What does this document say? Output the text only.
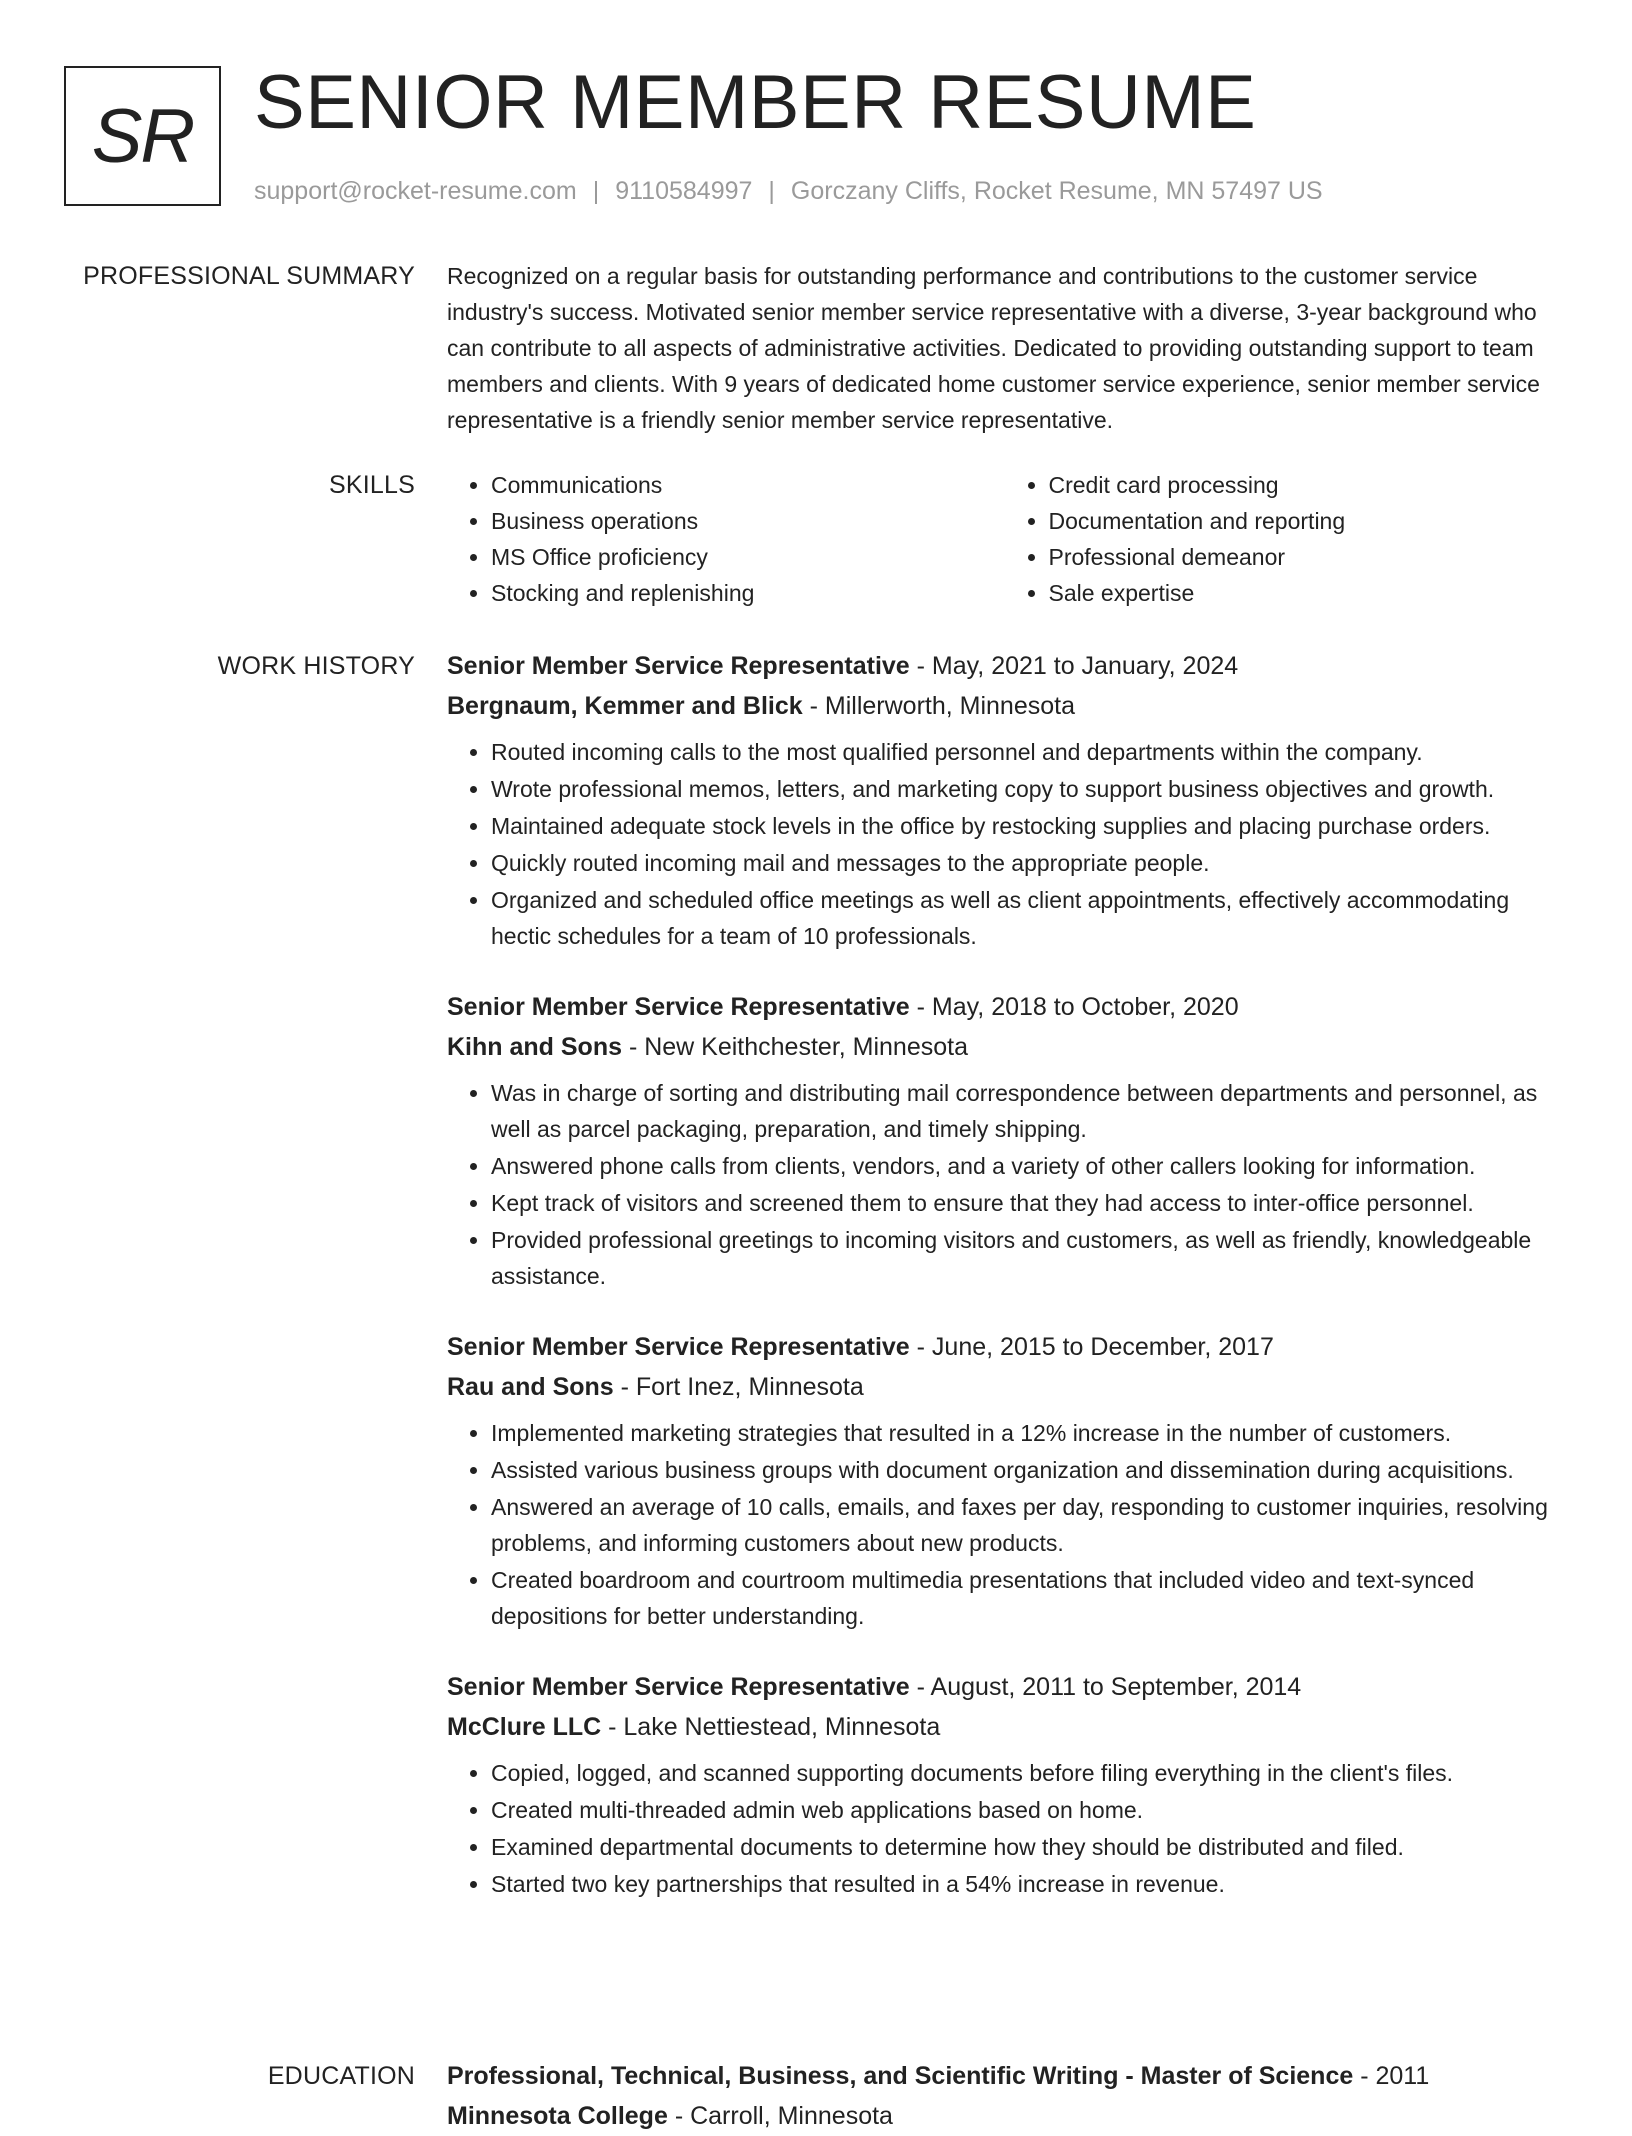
SR SENIOR MEMBER RESUME
support@rocket-resume.com | 9110584997 | Gorczany Cliffs, Rocket Resume, MN 57497 US
PROFESSIONAL SUMMARY Recognized on a regular basis for outstanding performance and contributions to the customer service industry's success. Motivated senior member service representative with a diverse, 3-year background who can contribute to all aspects of administrative activities. Dedicated to providing outstanding support to team members and clients. With 9 years of dedicated home customer service experience, senior member service representative is a friendly senior member service representative.

SKILLS
•	Communications
• Business operations
• MS Office proficiency
• Stocking and replenishing
• Credit card processing
• Documentation and reporting
• Professional demeanor
• Sale expertise
WORK HISTORY Senior Member Service Representative - May, 2021 to January, 2024
Bergnaum, Kemmer and Blick - Millerworth, Minnesota
• Routed incoming calls to the most qualified personnel and departments within the company.
• Wrote professional memos, letters, and marketing copy to support business objectives and growth.
• Maintained adequate stock levels in the office by restocking supplies and placing purchase orders.
• Quickly routed incoming mail and messages to the appropriate people.
• Organized and scheduled office meetings as well as client appointments, effectively accommodating hectic schedules for a team of 10 professionals.
Senior Member Service Representative - May, 2018 to October, 2020
Kihn and Sons - New Keithchester, Minnesota
• Was in charge of sorting and distributing mail correspondence between departments and personnel, as well as parcel packaging, preparation, and timely shipping.
• Answered phone calls from clients, vendors, and a variety of other callers looking for information.
• Kept track of visitors and screened them to ensure that they had access to inter-office personnel.
• Provided professional greetings to incoming visitors and customers, as well as friendly, knowledgeable assistance.
Senior Member Service Representative - June, 2015 to December, 2017
Rau and Sons - Fort Inez, Minnesota
• Implemented marketing strategies that resulted in a 12% increase in the number of customers.
• Assisted various business groups with document organization and dissemination during acquisitions.
• Answered an average of 10 calls, emails, and faxes per day, responding to customer inquiries, resolving problems, and informing customers about new products.
• Created boardroom and courtroom multimedia presentations that included video and text-synced depositions for better understanding.
Senior Member Service Representative - August, 2011 to September, 2014
McClure LLC - Lake Nettiestead, Minnesota
• Copied, logged, and scanned supporting documents before filing everything in the client's files.
• Created multi-threaded admin web applications based on home.
• Examined departmental documents to determine how they should be distributed and filed.
• Started two key partnerships that resulted in a 54% increase in revenue.
EDUCATION Professional, Technical, Business, and Scientific Writing - Master of Science - 2011
Minnesota College - Carroll, Minnesota
